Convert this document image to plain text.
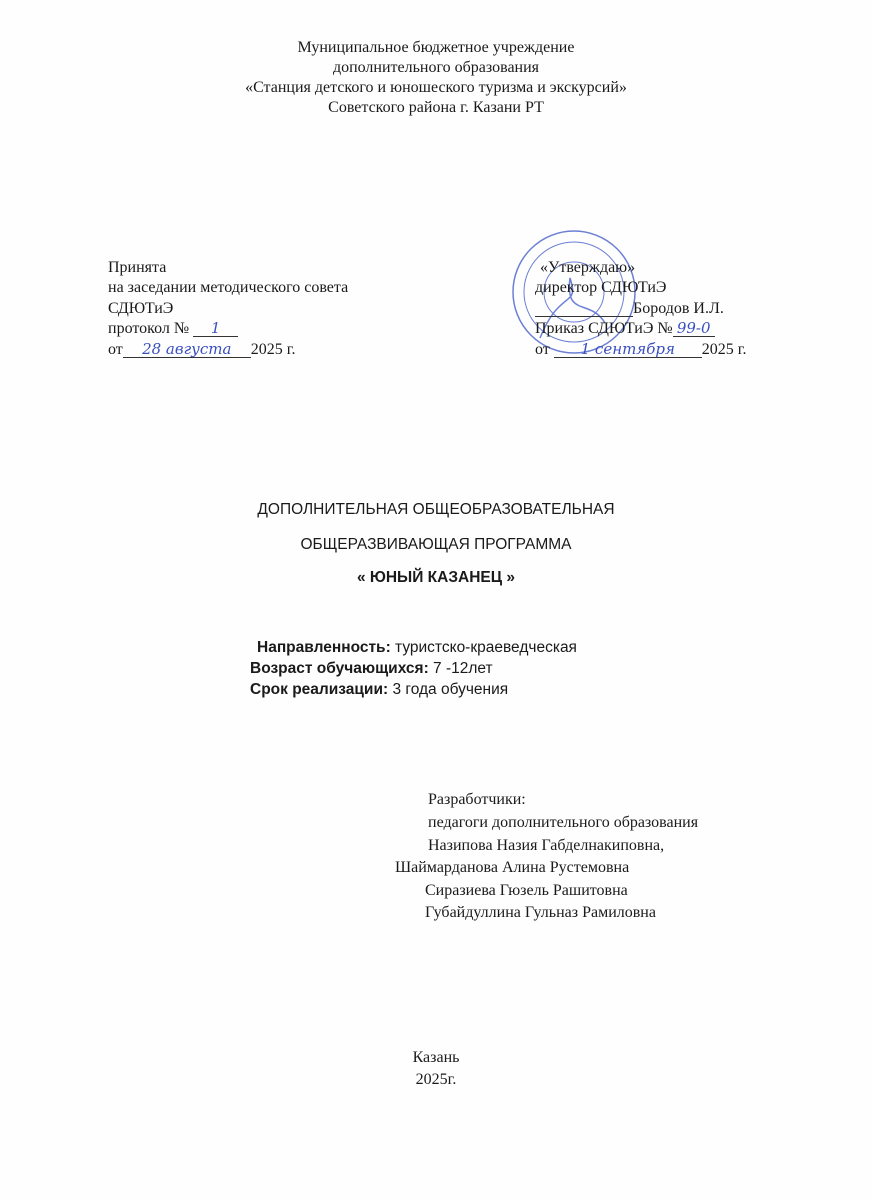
Муниципальное бюджетное учреждение
дополнительного образования
«Станция детского и юношеского туризма и экскурсий»
Советского района г. Казани РТ
Принята
на заседании методического совета
СДЮТиЭ
протокол № 1
от 28 августа 2025 г.
«Утверждаю»
директор СДЮТиЭ
Бородов И.Л.
Приказ СДЮТиЭ № 99-0
от 1 сентября 2025 г.
ДОПОЛНИТЕЛЬНАЯ ОБЩЕОБРАЗОВАТЕЛЬНАЯ
ОБЩЕРАЗВИВАЮЩАЯ ПРОГРАММА
« ЮНЫЙ КАЗАНЕЦ »
Направленность: туристско-краеведческая
Возраст обучающихся: 7 -12лет
Срок реализации: 3 года обучения
Разработчики:
педагоги дополнительного образования
Назипова Назия Габделнакиповна,
Шаймарданова Алина Рустемовна
Сиразиева Гюзель Рашитовна
Губайдуллина Гульназ Рамиловна
Казань
2025г.
